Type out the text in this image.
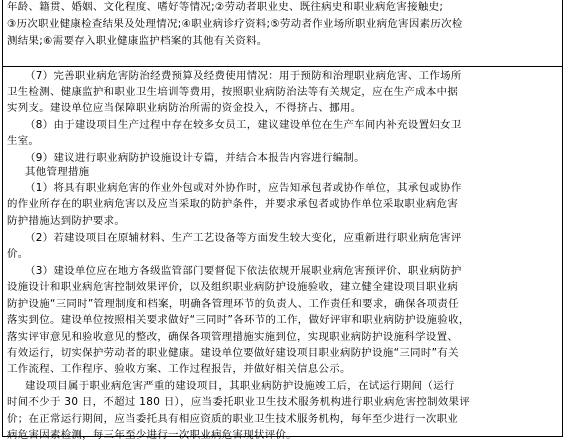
年龄、籍贯、婚姻、文化程度、嗜好等情况;②劳动者职业史、既往病史和职业病危害接触史;

③历次职业健康检查结果及处理情况;④职业病诊疗资料;⑤劳动者作业场所职业病危害因素历次检

测结果;⑥需要存入职业健康监护档案的其他有关资料。

（7）完善职业病危害防治经费预算及经费使用情况：用于预防和治理职业病危害、工作场所

卫生检测、健康监护和职业卫生培训等费用，按照职业病防治法等有关规定，应在生产成本中据

实列支。建设单位应当保障职业病防治所需的资金投入，不得挤占、挪用。

（8）由于建设项目生产过程中存在较多女员工，建议建设单位在生产车间内补充设置妇女卫

生室。

（9）建议进行职业病防护设施设计专篇，并结合本报告内容进行编制。

其他管理措施

（1）将具有职业病危害的作业外包或对外协作时，应告知承包者或协作单位，其承包或协作

的作业所存在的职业病危害以及应当采取的防护条件，并要求承包者或协作单位采取职业病危害

防护措施达到防护要求。

（2）若建设项目在原辅材料、生产工艺设备等方面发生较大变化，应重新进行职业病危害评

价。

（3）建设单位应在地方各级监管部门要督促下依法依规开展职业病危害预评价、职业病防护

设施设计和职业病危害控制效果评价，以及组织职业病防护设施验收，建立健全建设项目职业病

防护设施“三同时”管理制度和档案，明确各管理环节的负责人、工作责任和要求，确保各项责任

落实到位。建设单位按照相关要求做好“三同时”各环节的工作，做好评审和职业病防护设施验收，

落实评审意见和验收意见的整改，确保各项管理措施实施到位，实现职业病防护设施科学设置、

有效运行，切实保护劳动者的职业健康。建设单位要做好建设项目职业病防护设施“三同时”有关

工作流程、工作程序、验收方案、工作过程报告，并做好相关信息公示。

建设项目属于职业病危害严重的建设项目，其职业病防护设施竣工后，在试运行期间（运行

时间不少于 30 日，不超过 180 日），应当委托职业卫生技术服务机构进行职业病危害控制效果评

价；在正常运行期间，应当委托具有相应资质的职业卫生技术服务机构，每年至少进行一次职业

病危害因素检测，每三年至少进行一次职业病危害现状评价。
